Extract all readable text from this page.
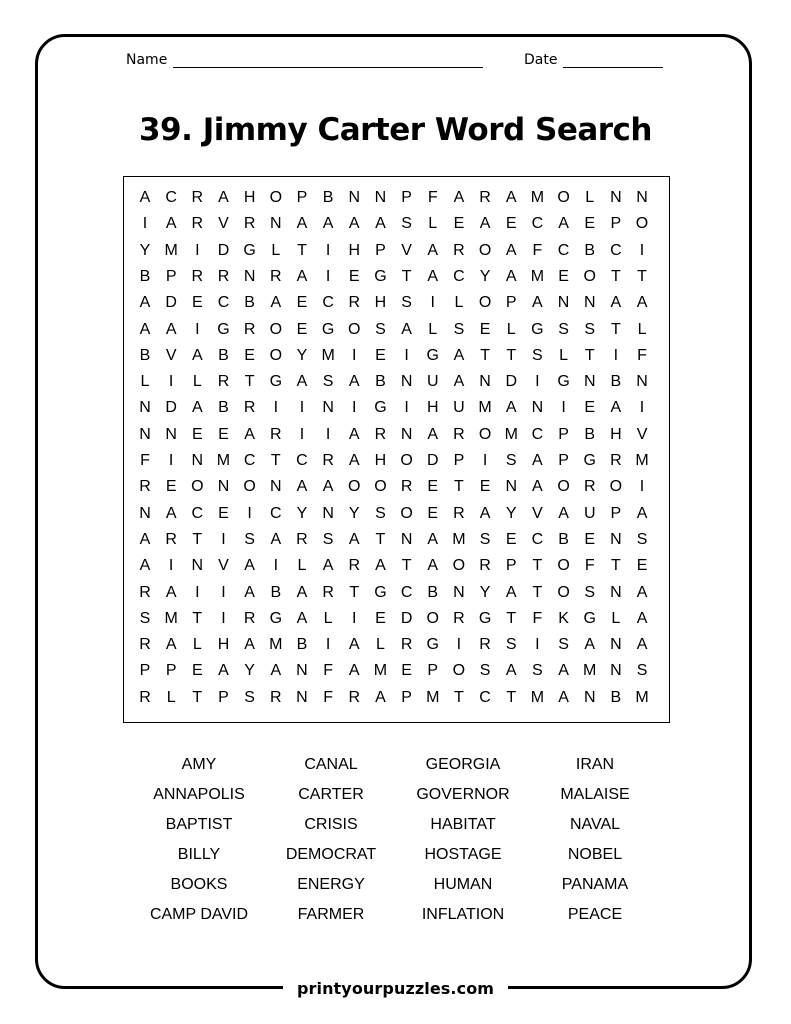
Name	Date
39. Jimmy Carter Word Search
A C R A H O P B N N P F A R A M O L N N
I	A R V R N A A A A S	L	E A E C A E P O
Y M	I	D G L	T	I	H P V A R O A F C B C	I
B P R R N R A	I	E G T A C Y A M E O T	T
A D E C B A E C R H S	I	L O P A N N A A
A A	I	G R O E G O S A	L	S E	L G S S T	L
B V A B E O Y M	I	E	I	G A T	T S	L	T	I	F
L	I	L R T G A S A B N U A N D	I	G N B N
N D A B R	I	I	N	I	G	I	H U M A N	I	E A	I
N N E E A R	I	I	A R N A R O M C P B H V
F	I	N M C T C R A H O D P	I	S A P G R M
R E O N O N A A O O R E T E N A O R O	I
N A C E	I	C Y N Y S O E R A Y V A U P A
A R T	I	S A R S A T N A M S E C B E N S
A	I	N V A	I	L	A R A T A O R P T O F	T E
R A	I	I	A B A R T G C B N Y A T O S N A
S M T	I	R G A	L	I	E D O R G T	F K G L	A
R A	L H A M B	I	A	L R G	I	R S	I	S A N A
P P E A Y A N F A M E P O S A S A M N S
R L	T P S R N F R A P M T C T M A N B M
AMY
ANNAPOLIS
BAPTIST
BILLY
BOOKS
CAMP DAVID
CANAL
CARTER
CRISIS
DEMOCRAT
ENERGY
FARMER
GEORGIA
GOVERNOR
HABITAT
HOSTAGE
HUMAN
INFLATION
IRAN
MALAISE
NAVAL
NOBEL
PANAMA
PEACE
printyourpuzzles.com
